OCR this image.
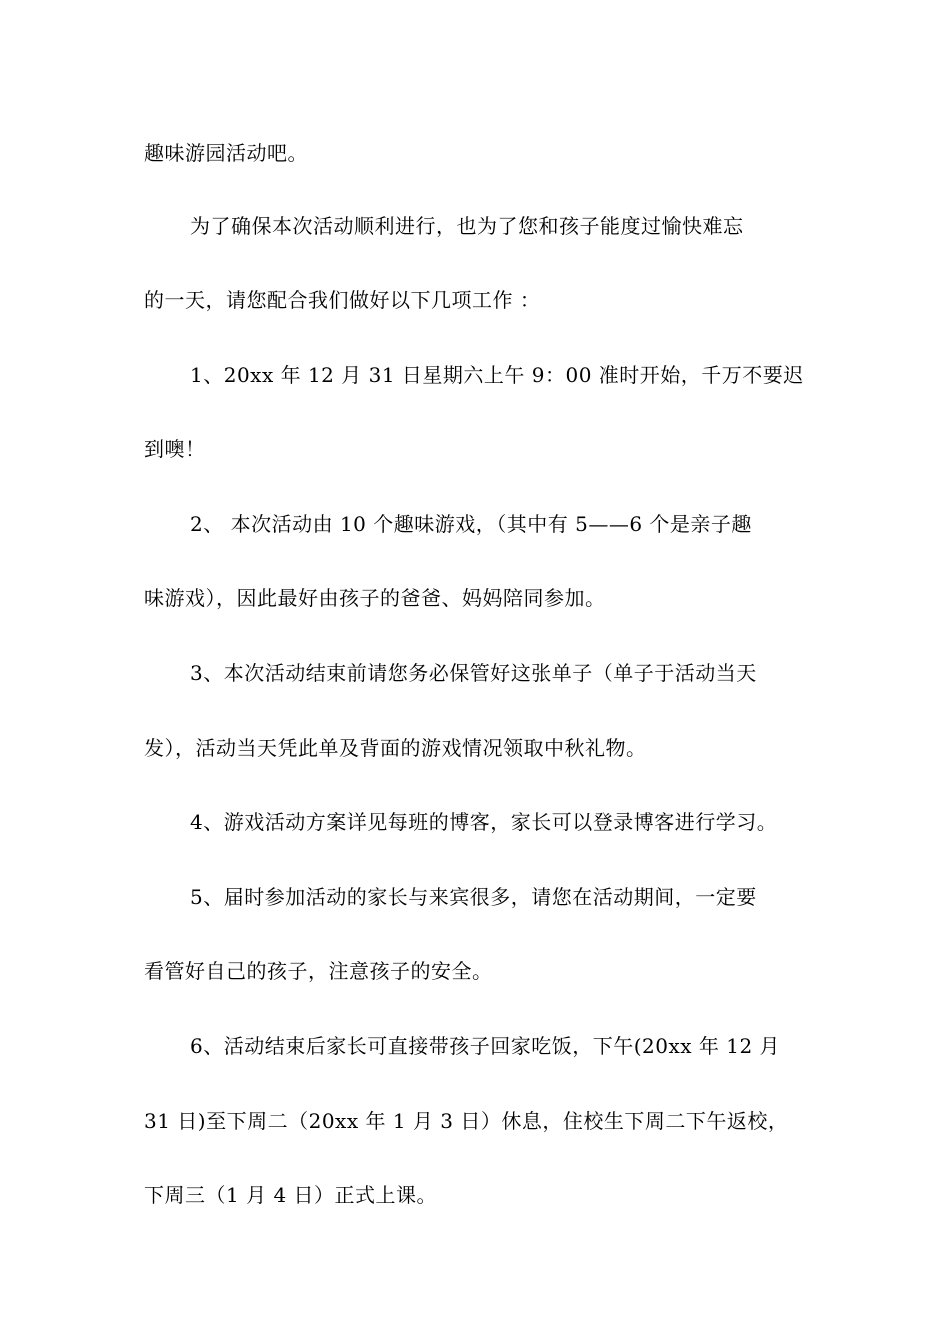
趣味游园活动吧。
为了确保本次活动顺利进行，也为了您和孩子能度过愉快难忘
的一天，请您配合我们做好以下几项工作 ：
1、20xx 年 12 月 31 日星期六上午 9：00 准时开始，千万不要迟
到噢！
2、 本次活动由 10 个趣味游戏，（其中有 5——6 个是亲子趣
味游戏），因此最好由孩子的爸爸、妈妈陪同参加。
3、本次活动结束前请您务必保管好这张单子（单子于活动当天
发），活动当天凭此单及背面的游戏情况领取中秋礼物。
4、游戏活动方案详见每班的博客，家长可以登录博客进行学习。
5、届时参加活动的家长与来宾很多，请您在活动期间，一定要
看管好自己的孩子，注意孩子的安全。
6、活动结束后家长可直接带孩子回家吃饭，下午(20xx 年 12 月
31 日)至下周二（20xx 年 1 月 3 日）休息，住校生下周二下午返校，
下周三（1 月 4 日）正式上课。
